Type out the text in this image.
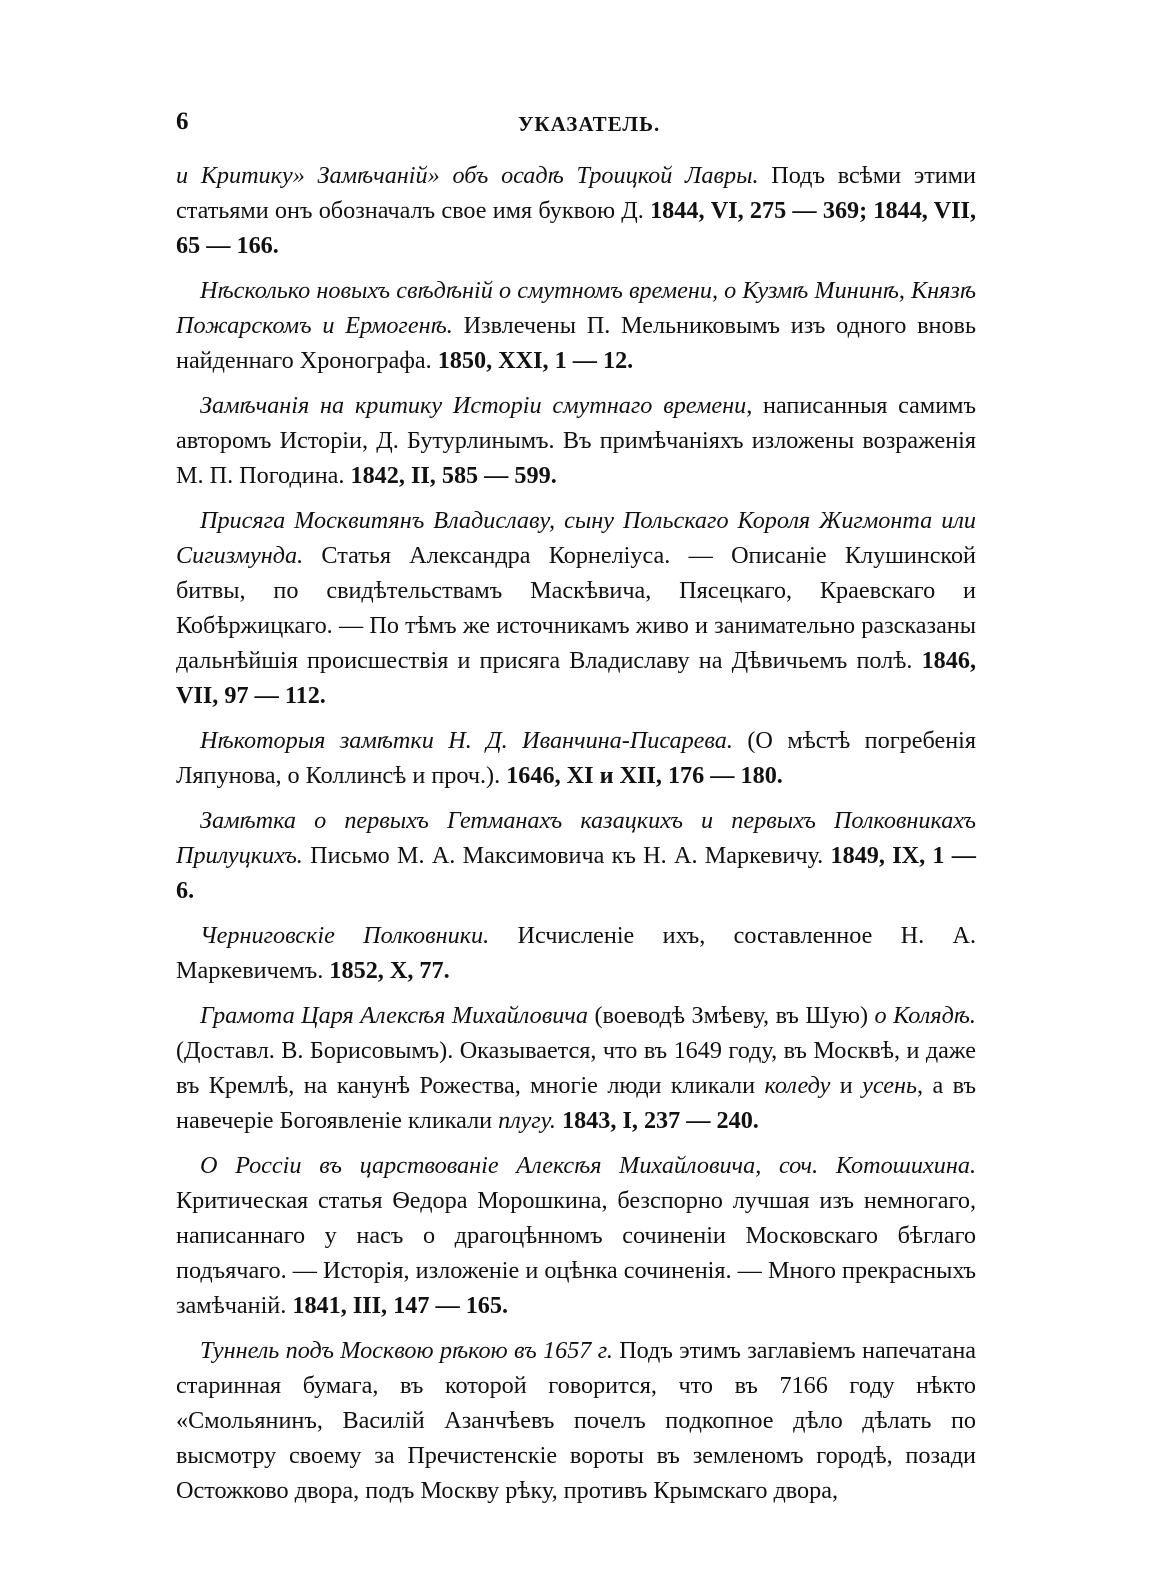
6	УКАЗАТЕЛЬ.

и Критику» Замѣчаній» объ осадѣ Троицкой Лавры. Подъ всѣми этими статьями онъ обозначалъ свое имя буквою Д. 1844, VI, 275 — 369; 1844, VII, 65 — 166.

Нѣсколько новыхъ свѣдѣній о смутномъ времени, о Кузмѣ Мининѣ, Князѣ Пожарскомъ и Ермогенѣ. Извлечены П. Мельниковымъ изъ одного вновь найденнаго Хронографа. 1850, XXI, 1 — 12.

Замѣчанія на критику Исторіи смутнаго времени, написанныя самимъ авторомъ Исторіи, Д. Бутурлинымъ. Въ примѣчаніяхъ изложены возраженія М. П. Погодина. 1842, II, 585 — 599.

Присяга Москвитянъ Владиславу, сыну Польскаго Короля Жигмонта или Сигизмунда. Статья Александра Корнеліуса. — Описаніе Клушинской битвы, по свидѣтельствамъ Маскѣвича, Пясецкаго, Краевскаго и Кобѣржицкаго. — По тѣмъ же источникамъ живо и занимательно разсказаны дальнѣйшія происшествія и присяга Владиславу на Дѣвичьемъ полѣ. 1846, VII, 97 — 112.

Нѣкоторыя замѣтки Н. Д. Иванчина-Писарева. (О мѣстѣ погребенія Ляпунова, о Коллинсѣ и проч.). 1646, XI и XII, 176 — 180.

Замѣтка о первыхъ Гетманахъ казацкихъ и первыхъ Полковникахъ Прилуцкихъ. Письмо М. А. Максимовича къ Н. А. Маркевичу. 1849, IX, 1 — 6.

Черниговскіе Полковники. Исчисленіе ихъ, составленное Н. А. Маркевичемъ. 1852, X, 77.

Грамота Царя Алексѣя Михайловича (воеводѣ Змѣеву, въ Шую) о Колядѣ. (Доставл. В. Борисовымъ). Оказывается, что въ 1649 году, въ Москвѣ, и даже въ Кремлѣ, на канунѣ Рожества, многіе люди кликали коледу и усень, а въ навечеріе Богоявленіе кликали плугу. 1843, I, 237 — 240.

О Россіи въ царствованіе Алексѣя Михайловича, соч. Котошихина. Критическая статья Ѳедора Морошкина, безспорно лучшая изъ немногаго, написаннаго у насъ о драгоцѣнномъ сочиненіи Московскаго бѣглаго подъячаго. — Исторія, изложеніе и оцѣнка сочиненія. — Много прекрасныхъ замѣчаній. 1841, III, 147 — 165.

Туннель подъ Москвою рѣкою въ 1657 г. Подъ этимъ заглавіемъ напечатана старинная бумага, въ которой говорится, что въ 7166 году нѣкто «Смольянинъ, Василій Азанчѣевъ почелъ подкопное дѣло дѣлать по высмотру своему за Пречистенскіе вороты въ земленомъ городѣ, позади Остожково двора, подъ Москву рѣку, противъ Крымскаго двора,
